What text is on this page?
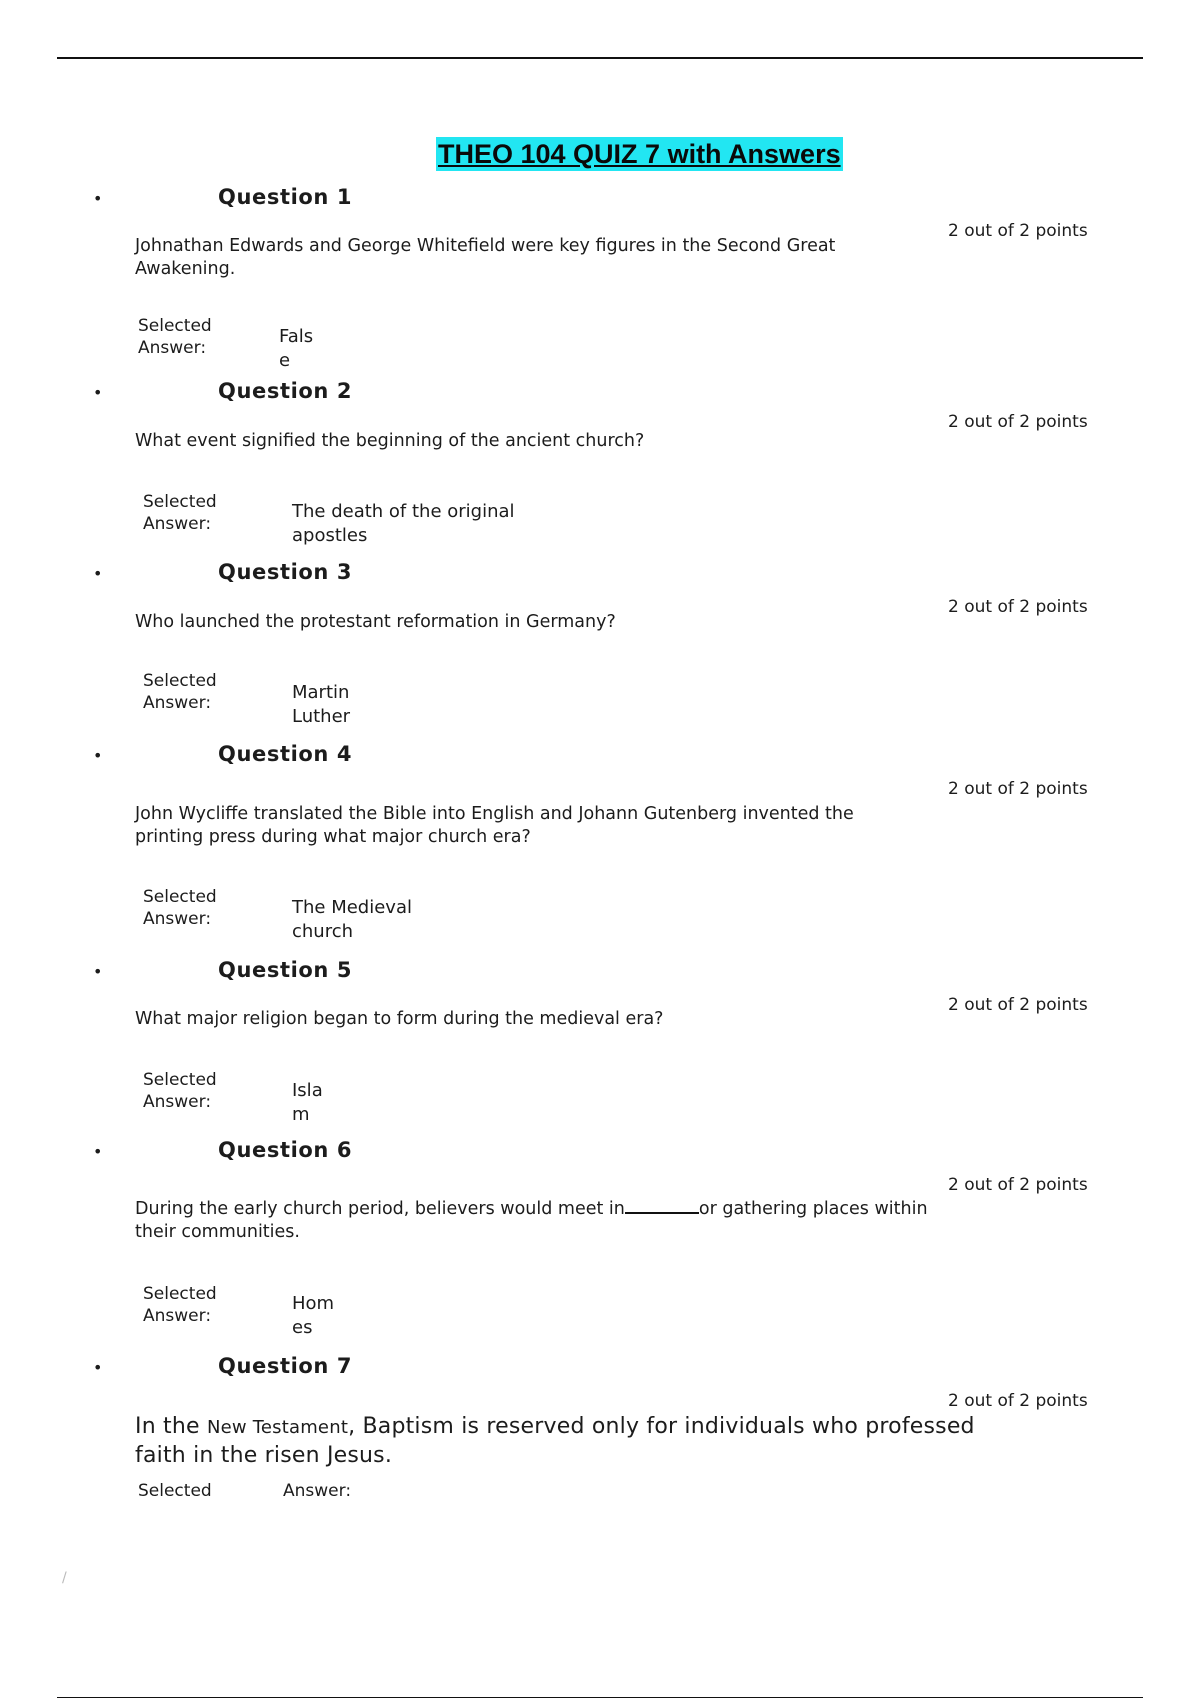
THEO 104 QUIZ 7 with Answers
•	Question 1
2 out of 2 points

Johnathan Edwards and George Whitefield were key figures in the Second Great
Awakening.

Selected
Answer:
Fals
e
•	Question 2
2 out of 2 points

What event signified the beginning of the ancient church?

Selected
Answer:
The death of the original
apostles
•	Question 3
2 out of 2 points

Who launched the protestant reformation in Germany?

Selected
Answer:	Martin
Luther
•	Question 4
2 out of 2 points

John Wycliffe translated the Bible into English and Johann Gutenberg invented the
printing press during what major church era?

Selected
Answer:
The Medieval
church
•	Question 5
2 out of 2 points

What major religion began to form during the medieval era?

Selected
Answer:
Isla
m
•	Question 6
2 out of 2 points

During the early church period, believers would meet in	or gathering places within
their communities.

Selected
Answer:
Hom
es
•	Question 7
2 out of 2 points

In the New Testament, Baptism is reserved only for individuals who professed
faith in the risen Jesus.

Selected	Answer:
/
